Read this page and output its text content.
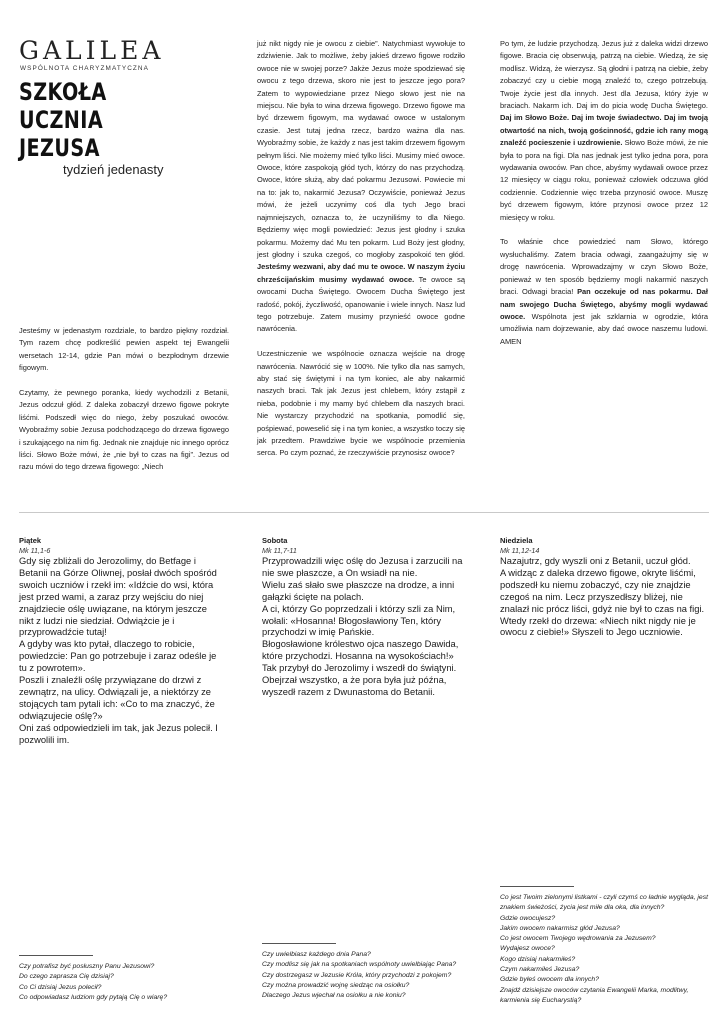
GALILEA
WSPÓLNOTA CHARYZMATYCZNA
SZKOŁA
UCZNIA JEZUSA
tydzień jedenasty

Jesteśmy w jedenastym rozdziale, to bardzo piękny rozdział. Tym razem chcę podkreślić pewien aspekt tej Ewangelii wersetach 12-14, gdzie Pan mówi o bezpłodnym drzewie figowym.

Czytamy, że pewnego poranka, kiedy wychodzili z Betanii, Jezus odczuł głód. Z daleka zobaczył drzewo figowe pokryte liśćmi. Podszedł więc do niego, żeby poszukać owoców. Wyobraźmy sobie Jezusa podchodzącego do drzewa figowego i szukającego na nim fig. Jednak nie znajduje nic innego oprócz liści. Słowo Boże mówi, że „nie był to czas na figi”. Jezus od razu mówi do tego drzewa figowego: „Niech

już nikt nigdy nie je owocu z ciebie”. Natychmiast wywołuje to zdziwienie. Jak to możliwe, żeby jakieś drzewo figowe rodziło owoce nie w swojej porze? Jakże Jezus może spodziewać się owocu z tego drzewa, skoro nie jest to jeszcze jego pora? Zatem to wypowiedziane przez Niego słowo jest nie na miejscu. Nie była to wina drzewa figowego. Drzewo figowe ma być drzewem figowym, ma wydawać owoce w ustalonym czasie. Jest tutaj jedna rzecz, bardzo ważna dla nas. Wyobraźmy sobie, że każdy z nas jest takim drzewem figowym pełnym liści. Nie możemy mieć tylko liści. Musimy mieć owoce. Owoce, które zaspokoją głód tych, którzy do nas przychodzą. Owoce, które służą, aby dać pokarmu Jezusowi. Powiecie mi na to: jak to, nakarmić Jezusa? Oczywiście, ponieważ Jezus mówi, że jeżeli uczynimy coś dla tych Jego braci najmniejszych, oznacza to, że uczyniliśmy to dla Niego. Będziemy więc mogli powiedzieć: Jezus jest głodny i szuka pokarmu. Możemy dać Mu ten pokarm. Lud Boży jest głodny, jest głodny i szuka czegoś, co mogłoby zaspokoić ten głód. Jesteśmy wezwani, aby dać mu te owoce. W naszym życiu chrześcijańskim musimy wydawać owoce. Te owoce są owocami Ducha Świętego. Owocem Ducha Świętego jest radość, pokój, życzliwość, opanowanie i wiele innych. Nasz lud tego potrzebuje. Zatem musimy przynieść owoce godne nawrócenia.

Uczestniczenie we wspólnocie oznacza wejście na drogę nawrócenia. Nawrócić się w 100%. Nie tylko dla nas samych, aby stać się świętymi i na tym koniec, ale aby nakarmić naszych braci. Tak jak Jezus jest chlebem, który zstąpił z nieba, podobnie i my mamy być chlebem dla naszych braci. Nie wystarczy przychodzić na spotkania, pomodlić się, pośpiewać, poweselić się i na tym koniec, a wszystko toczy się jak przedtem. Prawdziwe bycie we wspólnocie przemienia serca. Po czym poznać, że rzeczywiście przynosisz owoce?

Po tym, że ludzie przychodzą. Jezus już z daleka widzi drzewo figowe. Bracia cię obserwują, patrzą na ciebie. Wiedzą, że się modlisz. Widzą, że wierzysz. Są głodni i patrzą na ciebie, żeby zobaczyć czy u ciebie mogą znaleźć to, czego potrzebują. Twoje życie jest dla innych. Jest dla Jezusa, który żyje w braciach. Nakarm ich. Daj im do picia wodę Ducha Świętego. Daj im Słowo Boże. Daj im twoje świadectwo. Daj im twoją otwartość na nich, twoją gościnność, gdzie ich rany mogą znaleźć pocieszenie i uzdrowienie. Słowo Boże mówi, że nie była to pora na figi. Dla nas jednak jest tylko jedna pora, pora wydawania owoców. Pan chce, abyśmy wydawali owoce przez 12 miesięcy w ciągu roku, ponieważ człowiek odczuwa głód codziennie. Codziennie więc trzeba przynosić owoce. Muszę być drzewem figowym, które przynosi owoce przez 12 miesięcy w roku.

To właśnie chce powiedzieć nam Słowo, którego wysłuchaliśmy. Zatem bracia odwagi, zaangażujmy się w drogę nawrócenia. Wprowadzajmy w czyn Słowo Boże, ponieważ w ten sposób będziemy mogli nakarmić naszych braci. Odwagi bracia! Pan oczekuje od nas pokarmu. Dał nam swojego Ducha Świętego, abyśmy mogli wydawać owoce. Wspólnota jest jak szklarnia w ogrodzie, która umożliwia nam dojrzewanie, aby dać owoce naszemu ludowi. AMEN

Piątek
Mk 11,1-6

Gdy się zbliżali do Jerozolimy, do Betfage i Betanii na Górze Oliwnej, posłał dwóch spośród swoich uczniów i rzekł im: «Idźcie do wsi, która jest przed wami, a zaraz przy wejściu do niej znajdziecie oślę uwiązane, na którym jeszcze nikt z ludzi nie siedział. Odwiążcie je i przyprowadźcie tutaj!

A gdyby was kto pytał, dlaczego to robicie, powiedzcie: Pan go potrzebuje i zaraz odeśle je tu z powrotem».

Poszli i znaleźli oślę przywiązane do drzwi z zewnątrz, na ulicy. Odwiązali je, a niektórzy ze stojących tam pytali ich: «Co to ma znaczyć, że odwiązujecie oślę?»

Oni zaś odpowiedzieli im tak, jak Jezus polecił. I pozwolili im.

Sobota
Mk 11,7-11

Przyprowadzili więc oślę do Jezusa i zarzucili na nie swe płaszcze, a On wsiadł na nie.

Wielu zaś słało swe płaszcze na drodze, a inni gałązki ścięte na polach.

A ci, którzy Go poprzedzali i którzy szli za Nim, wołali: «Hosanna! Błogosławiony Ten, który przychodzi w imię Pańskie.

Błogosławione królestwo ojca naszego Dawida, które przychodzi. Hosanna na wysokościach!»

Tak przybył do Jerozolimy i wszedł do świątyni. Obejrzał wszystko, a że pora była już późna, wyszedł razem z Dwunastoma do Betanii.

Niedziela
Mk 11,12-14

Nazajutrz, gdy wyszli oni z Betanii, uczuł głód.

A widząc z daleka drzewo figowe, okryte liśćmi, podszedł ku niemu zobaczyć, czy nie znajdzie czegoś na nim. Lecz przyszedłszy bliżej, nie znalazł nic prócz liści, gdyż nie był to czas na figi.

Wtedy rzekł do drzewa: «Niech nikt nigdy nie je owocu z ciebie!» Słyszeli to Jego uczniowie.

Czy potrafisz być posłuszny Panu Jezusowi?
Do czego zaprasza Cię dzisiaj?
Co Ci dzisiaj Jezus polecił?
Co odpowiadasz ludziom gdy pytają Cię o wiarę?
Czy uwielbiasz każdego dnia Pana?
Czy modlisz się jak na spotkaniach wspólnoty uwielbiając Pana?
Czy dostrzegasz w Jezusie Króla, który przychodzi z pokojem?
Czy można prowadzić wojnę siedząc na osiołku?
Dlaczego Jezus wjechał na osiołku a nie koniu?
Co jest Twoim zielonymi listkami - czyli czymś co ładnie wygląda, jest znakiem świeżości, życia jest miłe dla oka, dla innych?
Gdzie owocujesz?
Jakim owocem nakarmisz głód Jezusa?
Co jest owocem Twojego wędrowania za Jezusem?
Wydajesz owoce?
Kogo dzisiaj nakarmiłeś?
Czym nakarmiłeś Jezusa?
Gdzie byłeś owocem dla innych?
Znajdź dzisiejsze owoców czytania Ewangelii Marka, modlitwy, karmienia się Eucharystią?
